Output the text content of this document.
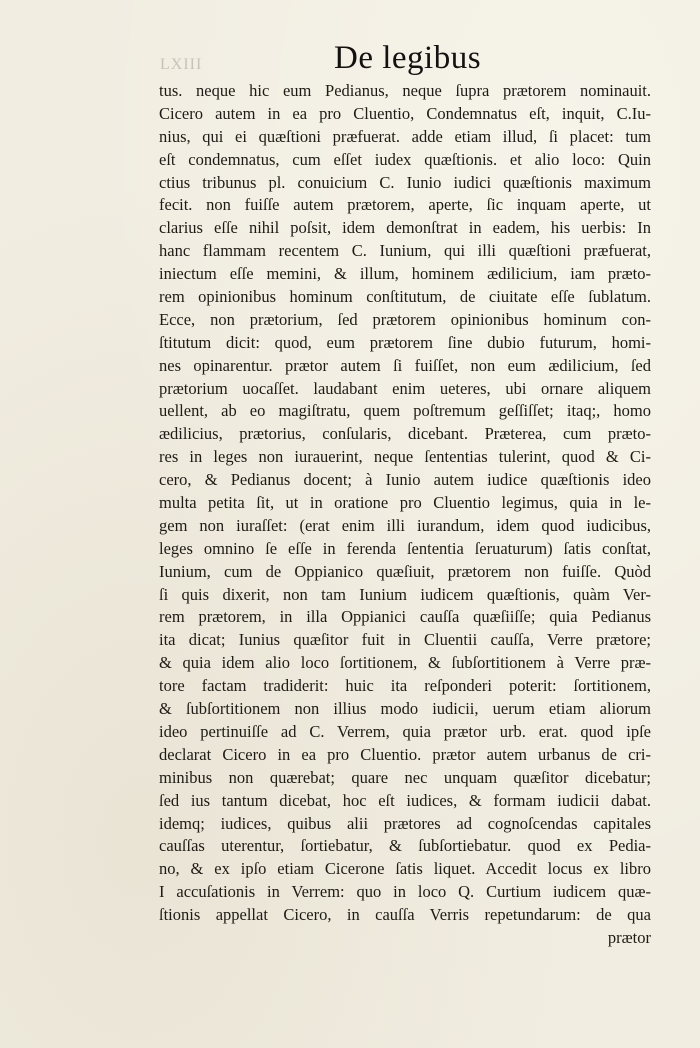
LXIII	De legibus
tus. neque hic eum Pedianus, neque ſupra prætorem nominauit.
Cicero autem in ea pro Cluentio, Condemnatus eſt, inquit, C.Iu-
nius, qui ei quæſtioni præfuerat. adde etiam illud, ſi placet: tum
eſt condemnatus, cum eſſet iudex quæſtionis. et alio loco: Quin
ctius tribunus pl. conuicium C. Iunio iudici quæſtionis maximum
fecit. non fuiſſe autem prætorem, aperte, ſic inquam aperte, ut
clarius eſſe nihil poſsit, idem demonſtrat in eadem, his uerbis: In
hanc flammam recentem C. Iunium, qui illi quæſtioni præfuerat,
iniectum eſſe memini, & illum, hominem ædilicium, iam præto-
rem opinionibus hominum conſtitutum, de ciuitate eſſe ſublatum.
Ecce, non prætorium, ſed prætorem opinionibus hominum con-
ſtitutum dicit: quod, eum prætorem ſine dubio futurum, homi-
nes opinarentur. prætor autem ſi fuiſſet, non eum ædilicium, ſed
prætorium uocaſſet. laudabant enim ueteres, ubi ornare aliquem
uellent, ab eo magiſtratu, quem poſtremum geſſiſſet; itaq;, homo
ædilicius, prætorius, conſularis, dicebant. Præterea, cum præto-
res in leges non iurauerint, neque ſententias tulerint, quod & Ci-
cero, & Pedianus docent; à Iunio autem iudice quæſtionis ideo
multa petita ſit, ut in oratione pro Cluentio legimus, quia in le-
gem non iuraſſet: (erat enim illi iurandum, idem quod iudicibus,
leges omnino ſe eſſe in ferenda ſententia ſeruaturum) ſatis conſtat,
Iunium, cum de Oppianico quæſiuit, prætorem non fuiſſe. Quòd
ſi quis dixerit, non tam Iunium iudicem quæſtionis, quàm Ver-
rem prætorem, in illa Oppianici cauſſa quæſiiſſe; quia Pedianus
ita dicat; Iunius quæſitor fuit in Cluentii cauſſa, Verre prætore;
& quia idem alio loco ſortitionem, & ſubſortitionem à Verre præ-
tore factam tradiderit: huic ita reſponderi poterit: ſortitionem,
& ſubſortitionem non illius modo iudicii, uerum etiam aliorum
ideo pertinuiſſe ad C. Verrem, quia prætor urb. erat. quod ipſe
declarat Cicero in ea pro Cluentio. prætor autem urbanus de cri-
minibus non quærebat; quare nec unquam quæſitor dicebatur;
ſed ius tantum dicebat, hoc eſt iudices, & formam iudicii dabat.
idemq; iudices, quibus alii prætores ad cognoſcendas capitales
cauſſas uterentur, ſortiebatur, & ſubſortiebatur. quod ex Pedia-
no, & ex ipſo etiam Cicerone ſatis liquet. Accedit locus ex libro
I accuſationis in Verrem: quo in loco Q. Curtium iudicem quæ-
ſtionis appellat Cicero, in cauſſa Verris repetundarum: de qua
prætor
